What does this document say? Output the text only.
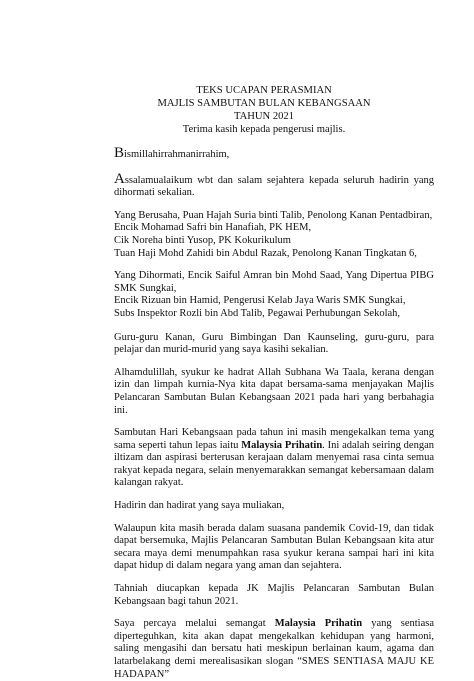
TEKS UCAPAN PERASMIAN
MAJLIS SAMBUTAN BULAN KEBANGSAAN
TAHUN 2021
Terima kasih kepada pengerusi majlis.

Bismillahirrahmanirrahim,

Assalamualaikum wbt dan salam sejahtera kepada seluruh hadirin yang dihormati sekalian.

Yang Berusaha, Puan Hajah Suria binti Talib, Penolong Kanan Pentadbiran,

Encik Mohamad Safri bin Hanafiah, PK HEM,

Cik Noreha binti Yusop, PK Kokurikulum

Tuan Haji Mohd Zahidi bin Abdul Razak, Penolong Kanan Tingkatan 6,

Yang Dihormati, Encik Saiful Amran bin Mohd Saad, Yang Dipertua PIBG SMK Sungkai,

Encik Rizuan bin Hamid, Pengerusi Kelab Jaya Waris SMK Sungkai,

Subs Inspektor Rozli bin Abd Talib, Pegawai Perhubungan Sekolah,

Guru-guru Kanan, Guru Bimbingan Dan Kaunseling, guru-guru, para pelajar dan murid-murid yang saya kasihi sekalian.

Alhamdulillah, syukur ke hadrat Allah Subhana Wa Taala, kerana dengan izin dan limpah kurnia-Nya kita dapat bersama-sama menjayakan Majlis Pelancaran Sambutan Bulan Kebangsaan 2021 pada hari yang berbahagia ini.

Sambutan Hari Kebangsaan pada tahun ini masih mengekalkan tema yang sama seperti tahun lepas iaitu Malaysia Prihatin. Ini adalah seiring dengan iltizam dan aspirasi berterusan kerajaan dalam menyemai rasa cinta semua rakyat kepada negara, selain menyemarakkan semangat kebersamaan dalam kalangan rakyat.

Hadirin dan hadirat yang saya muliakan,

Walaupun kita masih berada dalam suasana pandemik Covid-19, dan tidak dapat bersemuka, Majlis Pelancaran Sambutan Bulan Kebangsaan kita atur secara maya demi menumpahkan rasa syukur kerana sampai hari ini kita dapat hidup di dalam negara yang aman dan sejahtera.

Tahniah diucapkan kepada JK Majlis Pelancaran Sambutan Bulan Kebangsaan bagi tahun 2021.

Saya percaya melalui semangat Malaysia Prihatin yang sentiasa diperteguhkan, kita akan dapat mengekalkan kehidupan yang harmoni, saling mengasihi dan bersatu hati meskipun berlainan kaum, agama dan latarbelakang demi merealisasikan slogan “SMES SENTIASA MAJU KE HADAPAN”
